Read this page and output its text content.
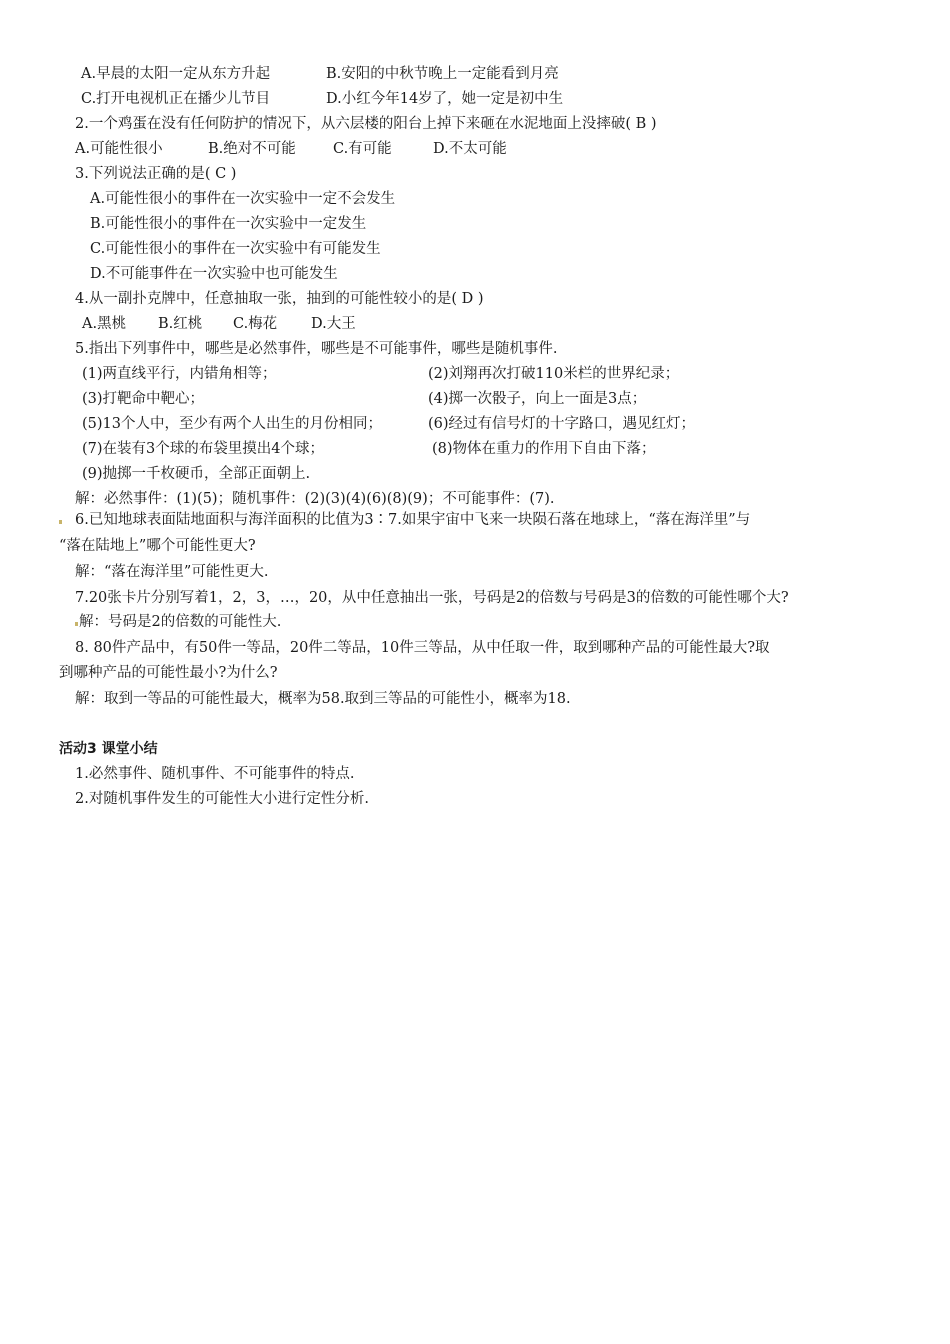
A.早晨的太阳一定从东方升起	B.安阳的中秋节晚上一定能看到月亮
C.打开电视机正在播少儿节目	D.小红今年14岁了，她一定是初中生
2.一个鸡蛋在没有任何防护的情况下，从六层楼的阳台上掉下来砸在水泥地面上没摔破( B )
A.可能性很小	B.绝对不可能	C.有可能	D.不太可能
3.下列说法正确的是( C )
A.可能性很小的事件在一次实验中一定不会发生
B.可能性很小的事件在一次实验中一定发生
C.可能性很小的事件在一次实验中有可能发生
D.不可能事件在一次实验中也可能发生
4.从一副扑克牌中，任意抽取一张，抽到的可能性较小的是( D )
A.黑桃 B.红桃 C.梅花 D.大王
5.指出下列事件中，哪些是必然事件，哪些是不可能事件，哪些是随机事件.
(1)两直线平行，内错角相等；	(2)刘翔再次打破110米栏的世界纪录；
(3)打靶命中靶心；	(4)掷一次骰子，向上一面是3点；
(5)13个人中，至少有两个人出生的月份相同；	(6)经过有信号灯的十字路口，遇见红灯；
(7)在装有3个球的布袋里摸出4个球；	(8)物体在重力的作用下自由下落；
(9)抛掷一千枚硬币，全部正面朝上.
解：必然事件：(1)(5)；随机事件：(2)(3)(4)(6)(8)(9)；不可能事件：(7).
6.已知地球表面陆地面积与海洋面积的比值为3∶7.如果宇宙中飞来一块陨石落在地球上，“落在海洋里”与
“落在陆地上”哪个可能性更大?
解：“落在海洋里”可能性更大.
7.20张卡片分别写着1，2，3，…，20，从中任意抽出一张，号码是2的倍数与号码是3的倍数的可能性哪个大?
解：号码是2的倍数的可能性大.
8. 80件产品中，有50件一等品，20件二等品，10件三等品，从中任取一件，取到哪种产品的可能性最大?取
到哪种产品的可能性最小?为什么?
解：取到一等品的可能性最大，概率为58.取到三等品的可能性小，概率为18.
活动3 课堂小结
1.必然事件、随机事件、不可能事件的特点.
2.对随机事件发生的可能性大小进行定性分析.
